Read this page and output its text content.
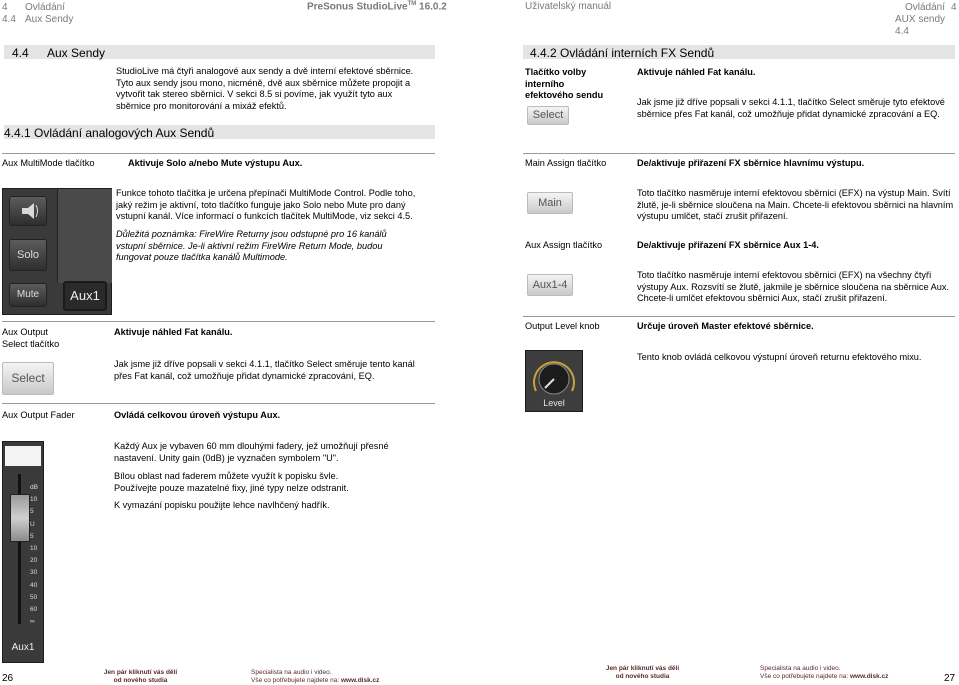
4
4.4
Ovládání
Aux Sendy
PreSonus StudioLive™ 16.0.2	Uživatelský manuál	Ovládání 4
AUX sendy 4.4
4.4 Aux Sendy
StudioLive má čtyři analogové aux sendy a dvě interní efektové sběrnice.
Tyto aux sendy jsou mono, nicméně, dvě aux sběrnice můžete propojit a
vytvořit tak stereo sběrnici. V sekci 8.5 si povíme, jak využít tyto aux
sběrnice pro monitorování a mixáž efektů.
4.4.1 Ovládání analogových Aux Sendů
Aux MultiMode tlačítko	Aktivuje Solo a/nebo Mute výstupu Aux.
Solo
Mute	Aux1
Funkce tohoto tlačítka je určena přepínači MultiMode Control. Podle toho,
jaký režim je aktivní, toto tlačítko funguje jako Solo nebo Mute pro daný
vstupní kanál. Více informací o funkcích tlačítek MultiMode, viz sekci 4.5.
Důležitá poznámka: FireWire Returny jsou odstupné pro 16 kanálů
vstupní sběrnice. Je-li aktivní režim FireWire Return Mode, budou
fungovat pouze tlačítka kanálů Multimode.
Aux Output
Select tlačítko
Aktivuje náhled Fat kanálu.
Jak jsme již dříve popsali v sekci 4.1.1, tlačítko Select směruje tento kanál
přes Fat kanál, což umožňuje přidat dynamické zpracování, EQ.
Select
Aux Output Fader	Ovládá celkovou úroveň výstupu Aux.
Každý Aux je vybaven 60 mm dlouhými fadery, jež umožňují přesné
nastavení. Unity gain (0dB) je vyznačen symbolem "U".
Bílou oblast nad faderem můžete využít k popisku švle.
Používejte pouze mazatelné fixy, jiné typy nelze odstranit.
K vymazání popisku použijte lehce navlhčený hadřík.
dB
10
5
U
5
10
20
30
40
50
60
∞
Aux1
4.4.2 Ovládání interních FX Sendů
Tlačítko volby
interního
efektového sendu
Aktivuje náhled Fat kanálu.
Jak jsme již dříve popsali v sekci 4.1.1, tlačítko Select směruje tyto efektové
sběrnice přes Fat kanál, což umožňuje přidat dynamické zpracování a EQ.
Select
Main Assign tlačítko	De/aktivuje přiřazení FX sběrnice hlavnímu výstupu.
Toto tlačítko nasměruje interní efektovou sběrnici (EFX) na výstup Main. Svítí
žlutě, je-li sběrnice sloučena na Main. Chcete-li efektovou sběrnici na hlavním
výstupu umlčet, stačí zrušit přiřazení.
Main
Aux Assign tlačítko	De/aktivuje přiřazení FX sběrnice Aux 1-4.
Toto tlačítko nasměruje interní efektovou sběrnici (EFX) na všechny čtyři
výstupy Aux. Rozsvítí se žlutě, jakmile je sběrnice sloučena na sběrnice Aux.
Chcete-li umlčet efektovou sběrnici Aux, stačí zrušit přiřazení.
Aux1-4
Output Level knob	Určuje úroveň Master efektové sběrnice.
Tento knob ovládá celkovou výstupní úroveň returnu efektového mixu.
Level
26
Jen pár kliknutí vás dělí
od nového studia
Specialista na audio i video.
Vše co potřebujete najdete na: www.disk.cz
Jen pár kliknutí vás dělí
od nového studia
Specialista na audio i video.
Vše co potřebujete najdete na: www.disk.cz	27
